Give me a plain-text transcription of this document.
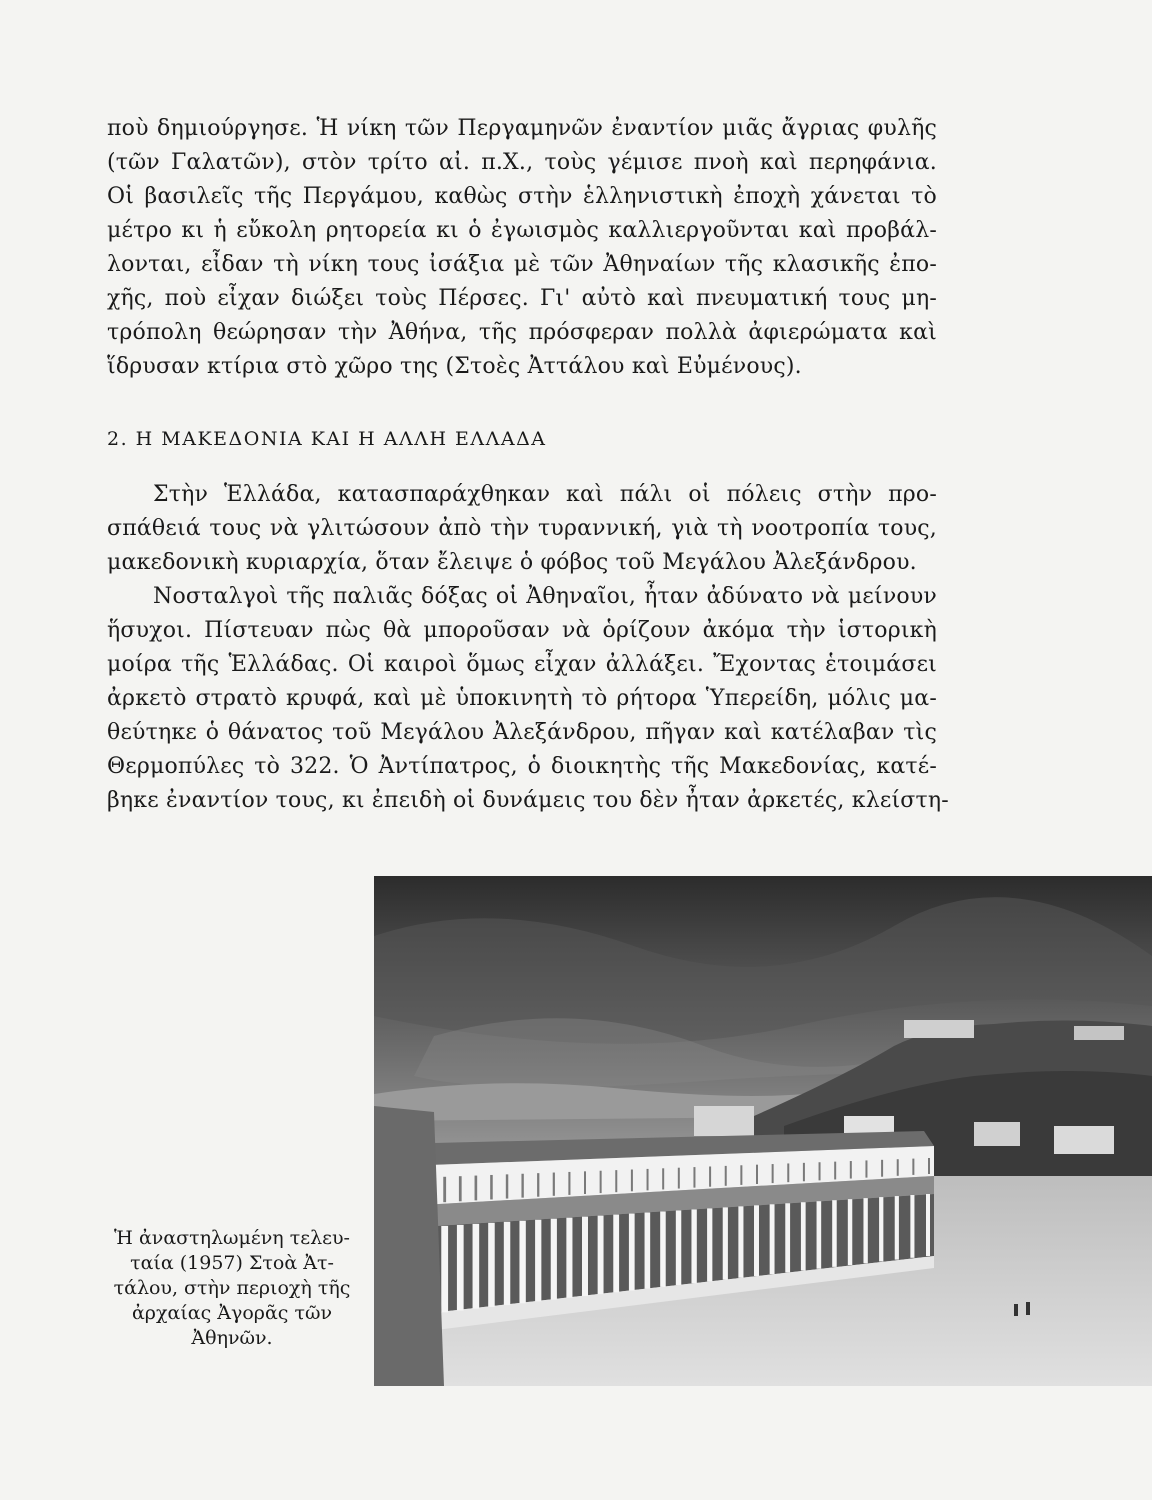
ποὺ δημιούργησε. Ἡ νίκη τῶν Περγαμηνῶν ἐναντίον μιᾶς ἄγριας φυλῆς
(τῶν Γαλατῶν), στὸν τρίτο αἰ. π.Χ., τοὺς γέμισε πνοὴ καὶ περηφάνια.
Οἱ βασιλεῖς τῆς Περγάμου, καθὼς στὴν ἑλληνιστικὴ ἐποχὴ χάνεται τὸ
μέτρο κι ἡ εὔκολη ρητορεία κι ὁ ἐγωισμὸς καλλιεργοῦνται καὶ προβάλ-
λονται, εἶδαν τὴ νίκη τους ἰσάξια μὲ τῶν Ἀθηναίων τῆς κλασικῆς ἐπο-
χῆς, ποὺ εἶχαν διώξει τοὺς Πέρσες. Γι' αὐτὸ καὶ πνευματική τους μη-
τρόπολη θεώρησαν τὴν Ἀθήνα, τῆς πρόσφεραν πολλὰ ἀφιερώματα καὶ
ἵδρυσαν κτίρια στὸ χῶρο της (Στοὲς Ἀττάλου καὶ Εὐμένους).
2. Η ΜΑΚΕΔΟΝΙΑ ΚΑΙ Η ΑΛΛΗ ΕΛΛΑΔΑ
Στὴν Ἑλλάδα, κατασπαράχθηκαν καὶ πάλι οἱ πόλεις στὴν προ-
σπάθειά τους νὰ γλιτώσουν ἀπὸ τὴν τυραννική, γιὰ τὴ νοοτροπία τους,
μακεδονικὴ κυριαρχία, ὅταν ἔλειψε ὁ φόβος τοῦ Μεγάλου Ἀλεξάνδρου.
Νοσταλγοὶ τῆς παλιᾶς δόξας οἱ Ἀθηναῖοι, ἦταν ἀδύνατο νὰ μείνουν
ἥσυχοι. Πίστευαν πὼς θὰ μποροῦσαν νὰ ὁρίζουν ἀκόμα τὴν ἱστορικὴ
μοίρα τῆς Ἑλλάδας. Οἱ καιροὶ ὅμως εἶχαν ἀλλάξει. Ἔχοντας ἑτοιμάσει
ἀρκετὸ στρατὸ κρυφά, καὶ μὲ ὑποκινητὴ τὸ ρήτορα Ὑπερείδη, μόλις μα-
θεύτηκε ὁ θάνατος τοῦ Μεγάλου Ἀλεξάνδρου, πῆγαν καὶ κατέλαβαν τὶς
Θερμοπύλες τὸ 322. Ὁ Ἀντίπατρος, ὁ διοικητὴς τῆς Μακεδονίας, κατέ-
βηκε ἐναντίον τους, κι ἐπειδὴ οἱ δυνάμεις του δὲν ἦταν ἀρκετές, κλείστη-
Ἡ ἀναστηλωμένη τελευ-
ταία (1957) Στοὰ Ἀτ-
τάλου, στὴν περιοχὴ τῆς
ἀρχαίας Ἀγορᾶς τῶν
Ἀθηνῶν.
